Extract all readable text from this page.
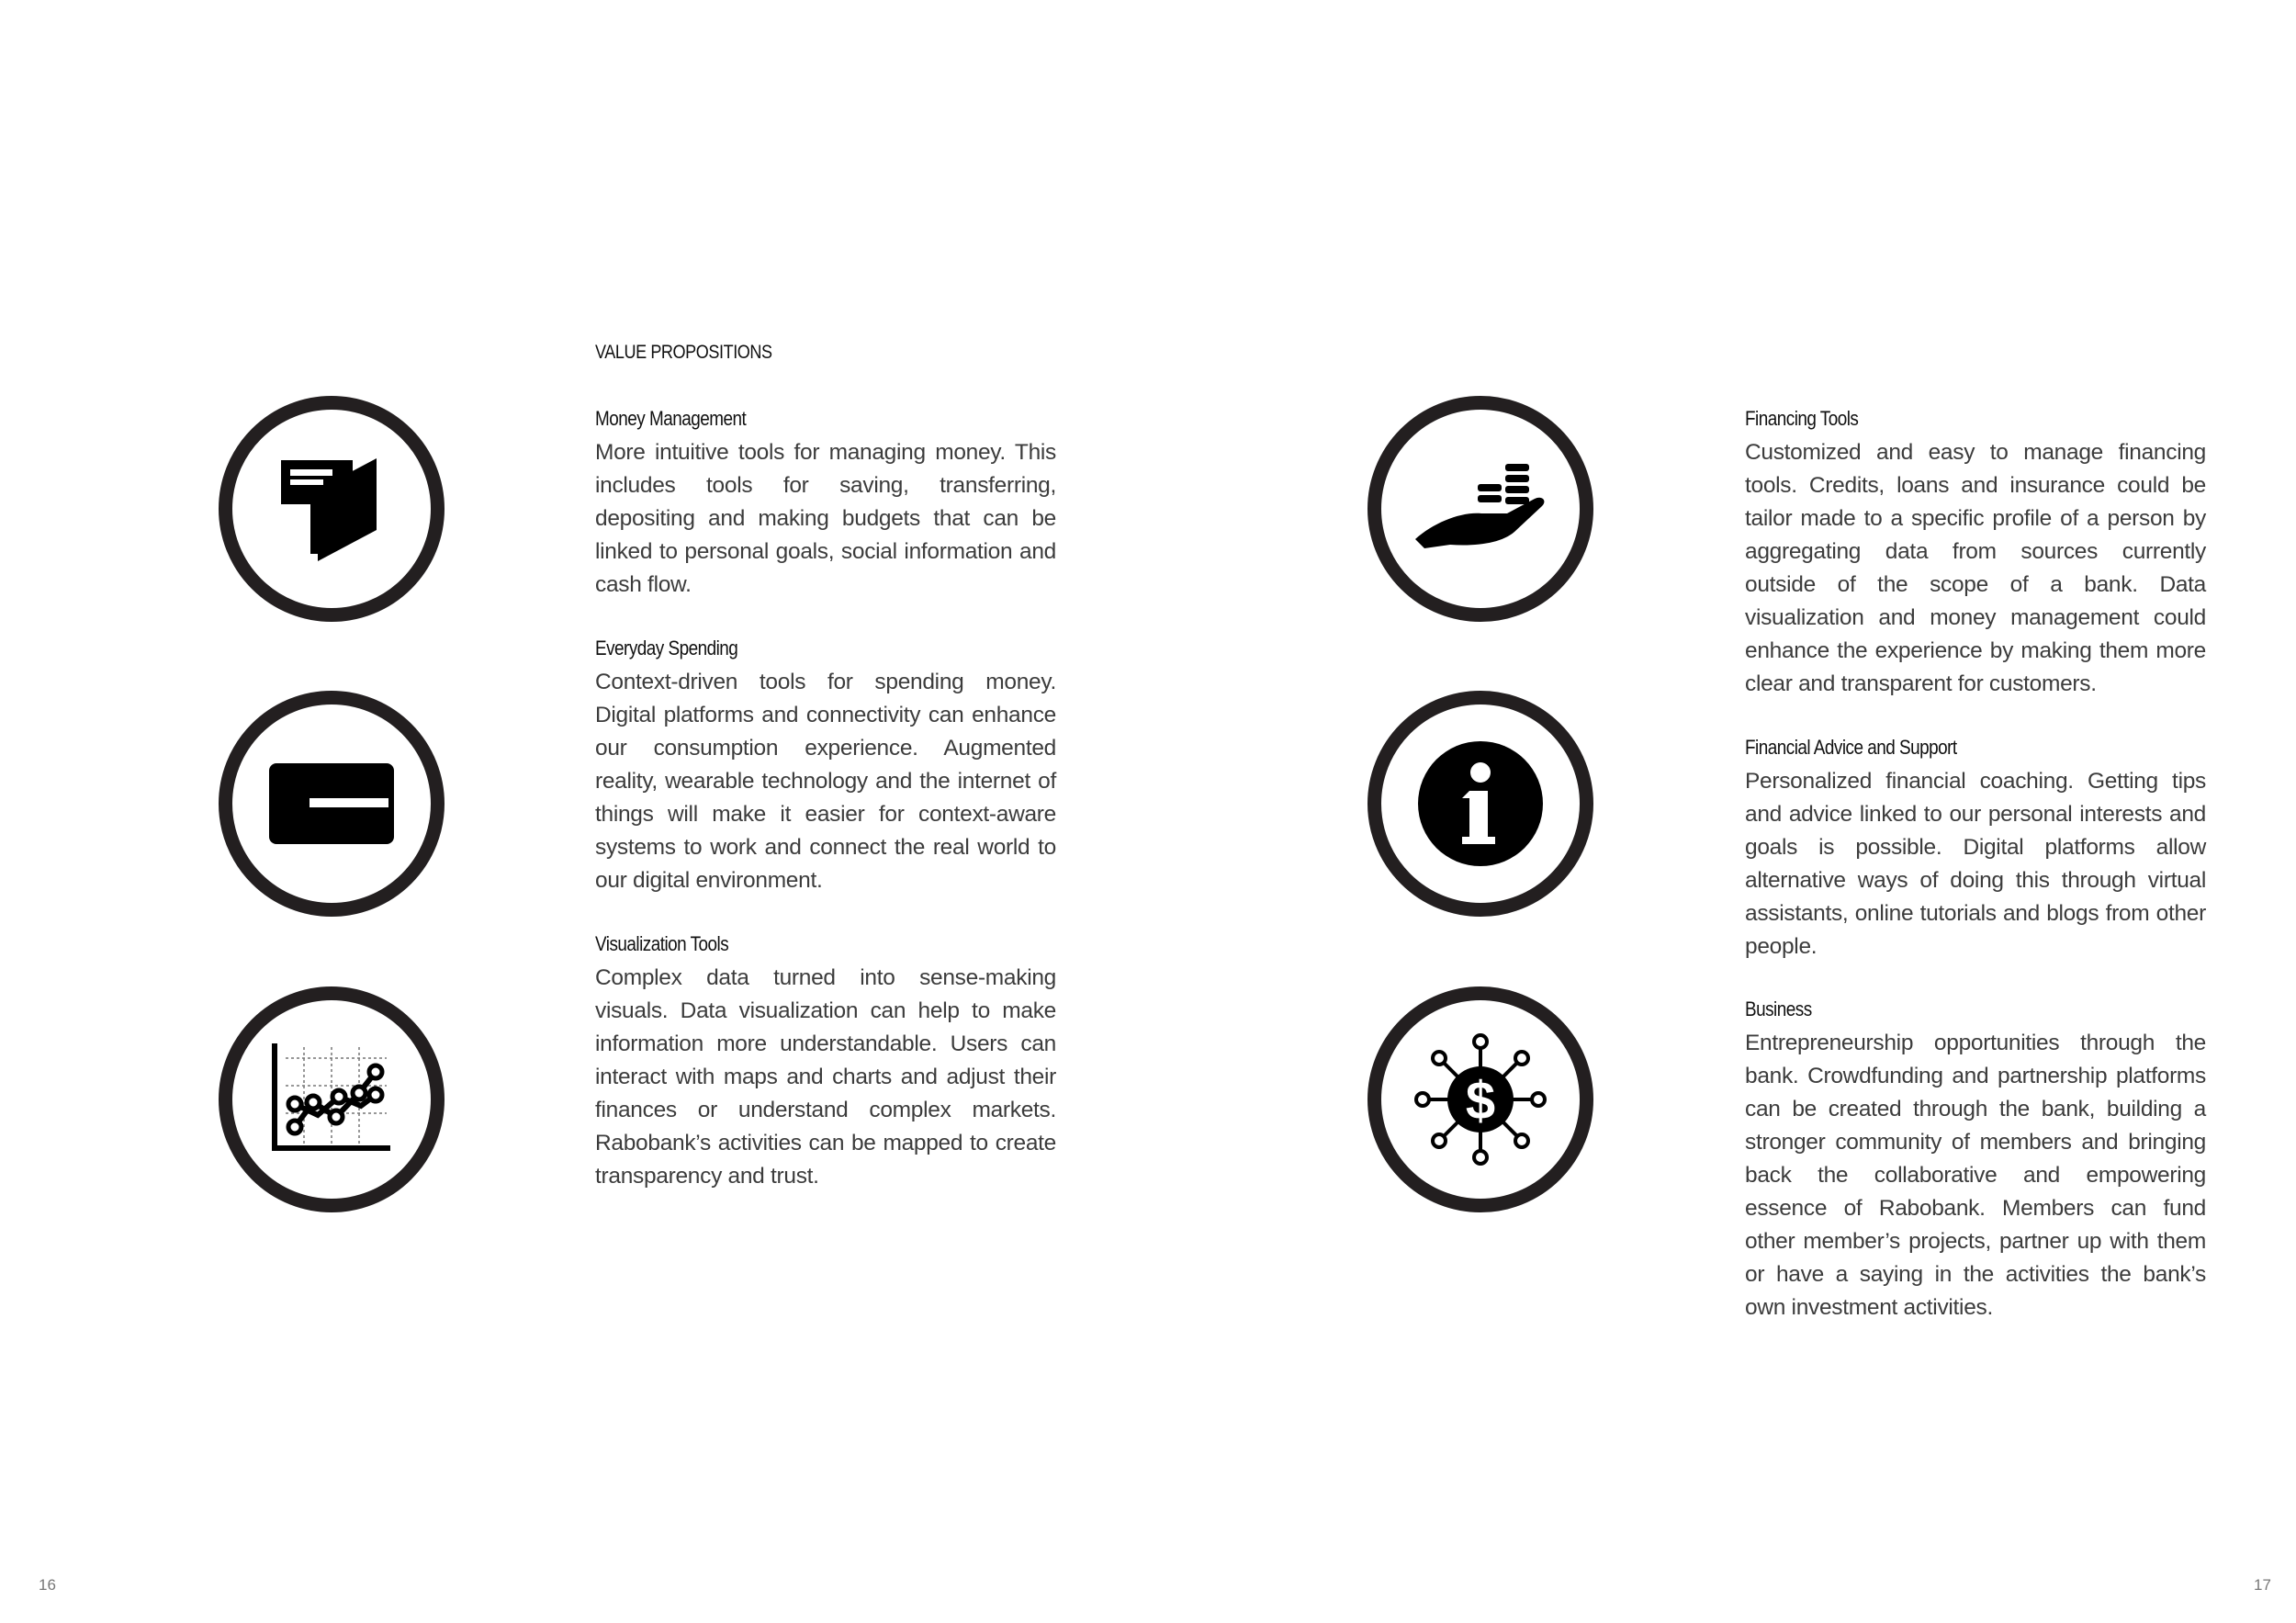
$
VALUE PROPOSITIONS
Money Management

More intuitive tools for managing money. This includes tools for saving, transferring, depositing and making budgets that can be linked to personal goals, social information and cash flow.

Everyday Spending

Context-driven tools for spending money. Digital platforms and connectivity can enhance our consumption experience. Augmented reality, wearable technology and the internet of things will make it easier for context-aware systems to work and connect the real world to our digital environment.

Visualization Tools

Complex data turned into sense-making visuals. Data visualization can help to make information more understandable. Users can interact with maps and charts and adjust their finances or understand complex markets. Rabobank’s activities can be mapped to create transparency and trust.

Financing Tools

Customized and easy to manage financing tools. Credits, loans and insurance could be tailor made to a specific profile of a person by aggregating data from sources currently outside of the scope of a bank. Data visualization and money management could enhance the experience by making them more clear and transparent for customers.

Financial Advice and Support

Personalized financial coaching. Getting tips and advice linked to our personal interests and goals is possible. Digital platforms allow alternative ways of doing this through virtual assistants, online tutorials and blogs from other people.

Business

Entrepreneurship opportunities through the bank. Crowdfunding and partnership platforms can be created through the bank, building a stronger community of members and bringing back the collaborative and empowering essence of Rabobank. Members can fund other member’s projects, partner up with them or have a saying in the activities the bank’s own investment activities.

16	17
